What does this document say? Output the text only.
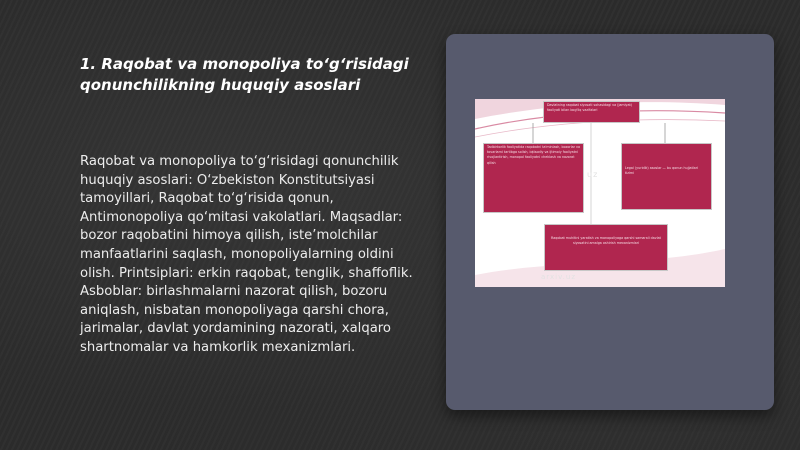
1. Raqobat va monopoliya to‘g‘risidagi qonunchilikning huquqiy asoslari

Raqobat va monopoliya to‘g‘risidagi qonunchilik huquqiy asoslari: O‘zbekiston Konstitutsiyasi tamoyillari, Raqobat to‘g‘risida qonun, Antimonopoliya qo‘mitasi vakolatlari. Maqsadlar: bozor raqobatini himoya qilish, iste’molchilar manfaatlarini saqlash, monopoliyalarning oldini olish. Printsiplari: erkin raqobat, tenglik, shaffoflik. Asboblar: birlashmalarni nazorat qilish, bozoru aniqlash, nisbatan monopoliyaga qarshi chora, jarimalar, davlat yordamining nazorati, xalqaro shartnomalar va hamkorlik mexanizmlari.

Davlatning raqobat siyosati sohasidagi va (jamiyat) faoliyati bilan bog'liq vazifalari
Tadbirkorlik faoliyatida raqobatni ta'minlash, bozorlar va tovarlarni tartibga solish, iqtisodiy va ijtimoiy faoliyatni rivojlantirish, monopol faoliyatni cheklash va nazorat qilish
Legal (yuridik) asoslar — bu qonun hujjatlari tizimi
Raqobat muhitini yaratish va monopoliyaga qarshi samarali davlat siyosatini amalga oshirish mexanizmlari
uz
arxiv.uz
